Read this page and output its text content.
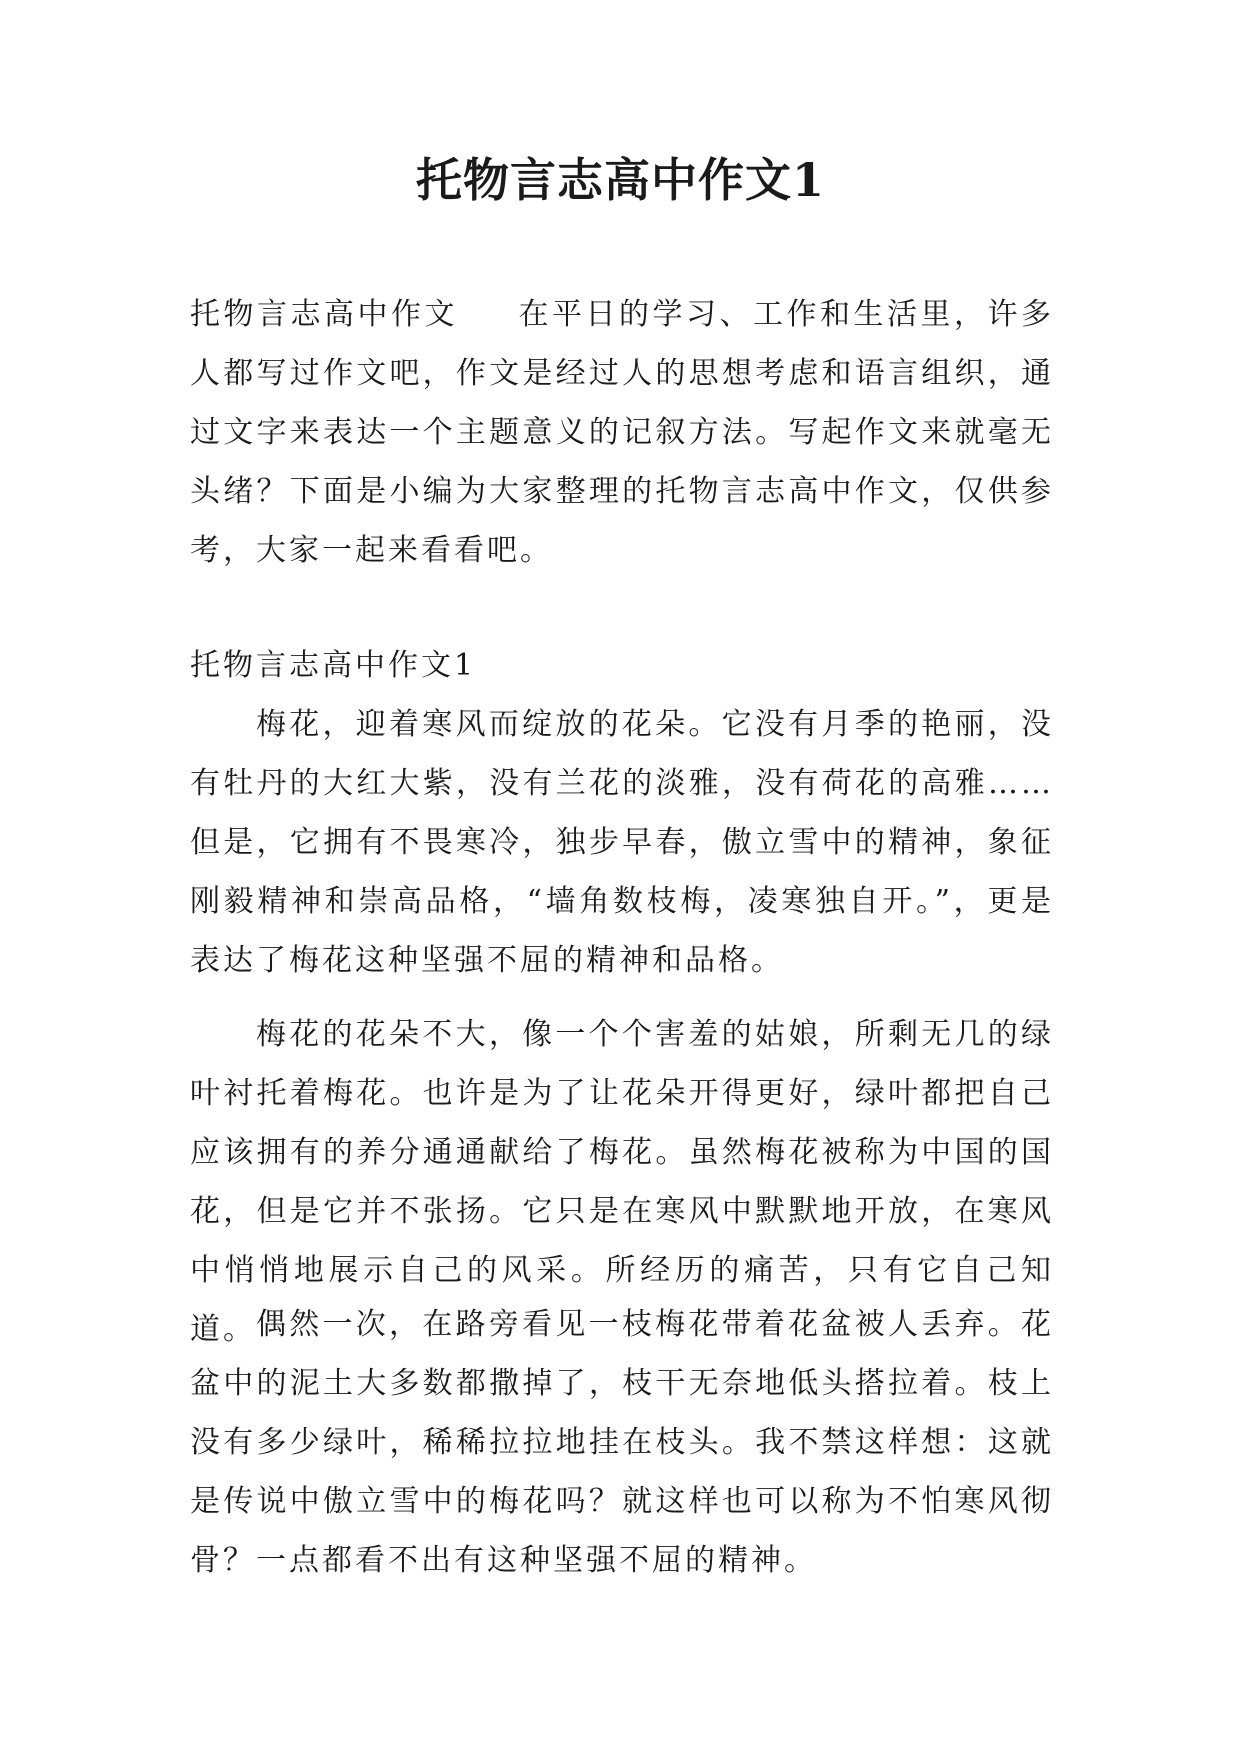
托物言志高中作文1

托物言志高中作文 在平日的学习、工作和生活里，许多人都写过作文吧，作文是经过人的思想考虑和语言组织，通过文字来表达一个主题意义的记叙方法。写起作文来就毫无头绪？下面是小编为大家整理的托物言志高中作文，仅供参考，大家一起来看看吧。

托物言志高中作文1

梅花，迎着寒风而绽放的花朵。它没有月季的艳丽，没有牡丹的大红大紫，没有兰花的淡雅，没有荷花的高雅……但是，它拥有不畏寒冷，独步早春，傲立雪中的精神，象征刚毅精神和崇高品格，“墙角数枝梅，凌寒独自开。”，更是表达了梅花这种坚强不屈的精神和品格。

梅花的花朵不大，像一个个害羞的姑娘，所剩无几的绿叶衬托着梅花。也许是为了让花朵开得更好，绿叶都把自己应该拥有的养分通通献给了梅花。虽然梅花被称为中国的国花，但是它并不张扬。它只是在寒风中默默地开放，在寒风中悄悄地展示自己的风采。所经历的痛苦，只有它自己知道。 偶然一次，在路旁看见一枝梅花带着花盆被人丢弃。花盆中的泥土大多数都撒掉了，枝干无奈地低头搭拉着。枝上没有多少绿叶，稀稀拉拉地挂在枝头。我不禁这样想：这就是传说中傲立雪中的梅花吗？就这样也可以称为不怕寒风彻骨？一点都看不出有这种坚强不屈的精神。
